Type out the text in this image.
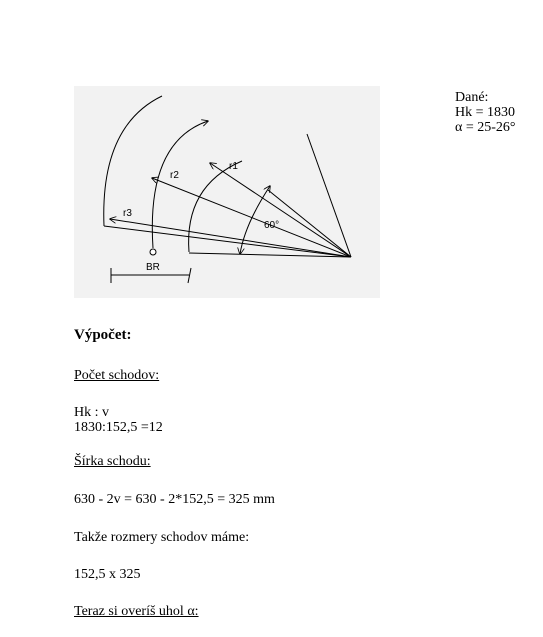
r1
r2
r3
60°
BR
Dané:
Hk = 1830
α = 25-26°
Výpočet:
Počet schodov:
Hk : v
1830:152,5 =12
Šírka schodu:
630 - 2v = 630 - 2*152,5 = 325 mm
Takže rozmery schodov máme:
152,5 x 325
Teraz si overíš uhol α:
